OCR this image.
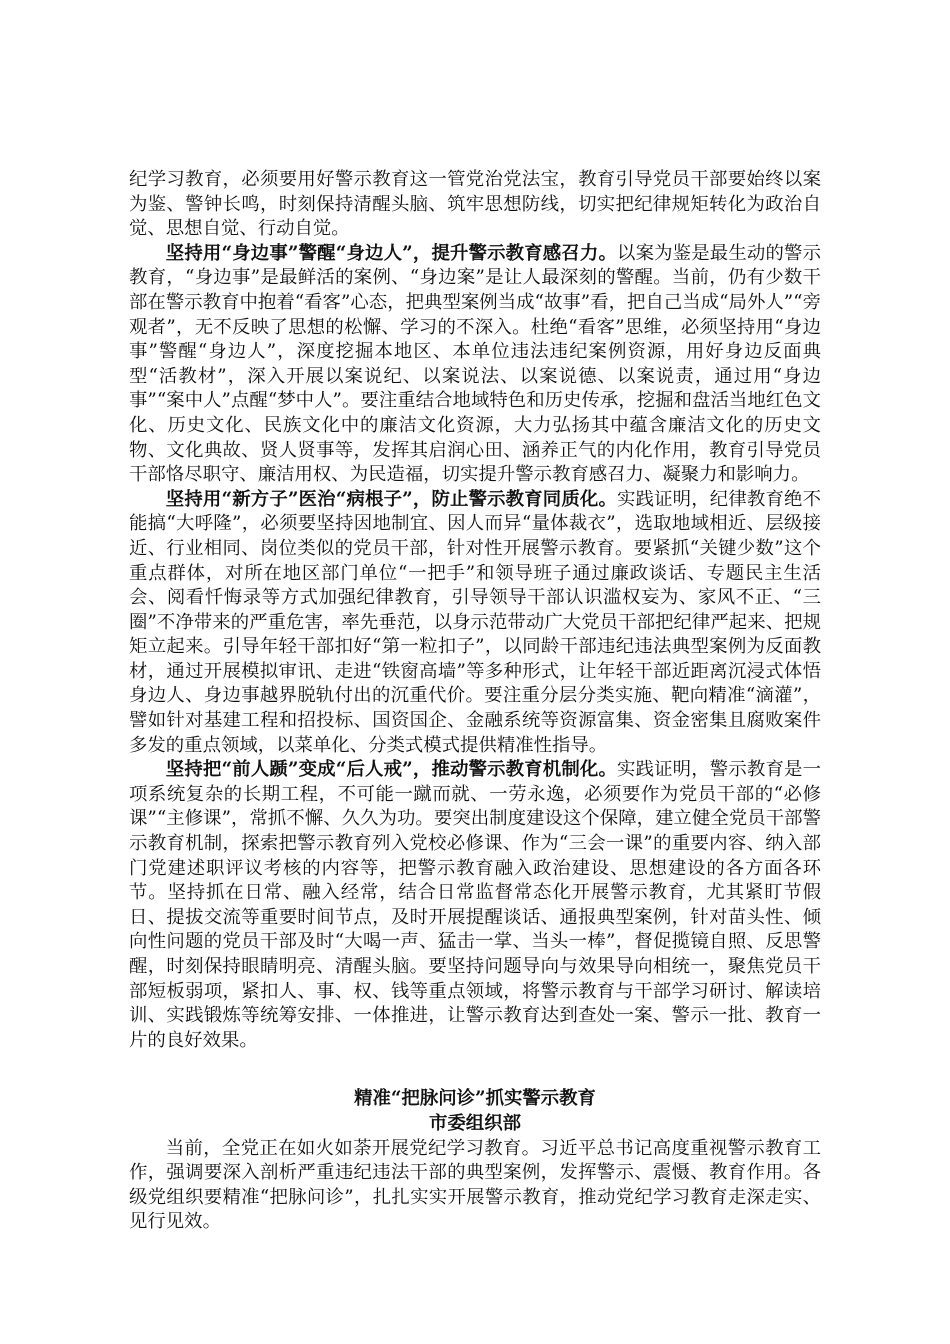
纪学习教育，必须要用好警示教育这一管党治党法宝，教育引导党员干部要始终以案为鉴、警钟长鸣，时刻保持清醒头脑、筑牢思想防线，切实把纪律规矩转化为政治自觉、思想自觉、行动自觉。

坚持用“身边事”警醒“身边人”，提升警示教育感召力。以案为鉴是最生动的警示教育，“身边事”是最鲜活的案例、“身边案”是让人最深刻的警醒。当前，仍有少数干部在警示教育中抱着“看客”心态，把典型案例当成“故事”看，把自己当成“局外人”“旁观者”，无不反映了思想的松懈、学习的不深入。杜绝“看客”思维，必须坚持用“身边事”警醒“身边人”，深度挖掘本地区、本单位违法违纪案例资源，用好身边反面典型“活教材”，深入开展以案说纪、以案说法、以案说德、以案说责，通过用“身边事”“案中人”点醒“梦中人”。要注重结合地域特色和历史传承，挖掘和盘活当地红色文化、历史文化、民族文化中的廉洁文化资源，大力弘扬其中蕴含廉洁文化的历史文物、文化典故、贤人贤事等，发挥其启润心田、涵养正气的内化作用，教育引导党员干部恪尽职守、廉洁用权、为民造福，切实提升警示教育感召力、凝聚力和影响力。

坚持用“新方子”医治“病根子”，防止警示教育同质化。实践证明，纪律教育绝不能搞“大呼隆”，必须要坚持因地制宜、因人而异“量体裁衣”，选取地域相近、层级接近、行业相同、岗位类似的党员干部，针对性开展警示教育。要紧抓“关键少数”这个重点群体，对所在地区部门单位“一把手”和领导班子通过廉政谈话、专题民主生活会、阅看忏悔录等方式加强纪律教育，引导领导干部认识滥权妄为、家风不正、“三圈”不净带来的严重危害，率先垂范，以身示范带动广大党员干部把纪律严起来、把规矩立起来。引导年轻干部扣好“第一粒扣子”，以同龄干部违纪违法典型案例为反面教材，通过开展模拟审讯、走进“铁窗高墙”等多种形式，让年轻干部近距离沉浸式体悟身边人、身边事越界脱轨付出的沉重代价。要注重分层分类实施、靶向精准“滴灌”，譬如针对基建工程和招投标、国资国企、金融系统等资源富集、资金密集且腐败案件多发的重点领域，以菜单化、分类式模式提供精准性指导。

坚持把“前人踬”变成“后人戒”，推动警示教育机制化。实践证明，警示教育是一项系统复杂的长期工程，不可能一蹴而就、一劳永逸，必须要作为党员干部的“必修课”“主修课”，常抓不懈、久久为功。要突出制度建设这个保障，建立健全党员干部警示教育机制，探索把警示教育列入党校必修课、作为“三会一课”的重要内容、纳入部门党建述职评议考核的内容等，把警示教育融入政治建设、思想建设的各方面各环节。坚持抓在日常、融入经常，结合日常监督常态化开展警示教育，尤其紧盯节假日、提拔交流等重要时间节点，及时开展提醒谈话、通报典型案例，针对苗头性、倾向性问题的党员干部及时“大喝一声、猛击一掌、当头一棒”，督促揽镜自照、反思警醒，时刻保持眼睛明亮、清醒头脑。要坚持问题导向与效果导向相统一，聚焦党员干部短板弱项，紧扣人、事、权、钱等重点领域，将警示教育与干部学习研讨、解读培训、实践锻炼等统筹安排、一体推进，让警示教育达到查处一案、警示一批、教育一片的良好效果。

精准“把脉问诊”抓实警示教育

市委组织部

当前，全党正在如火如荼开展党纪学习教育。习近平总书记高度重视警示教育工作，强调要深入剖析严重违纪违法干部的典型案例，发挥警示、震慑、教育作用。各级党组织要精准“把脉问诊”，扎扎实实开展警示教育，推动党纪学习教育走深走实、见行见效。
